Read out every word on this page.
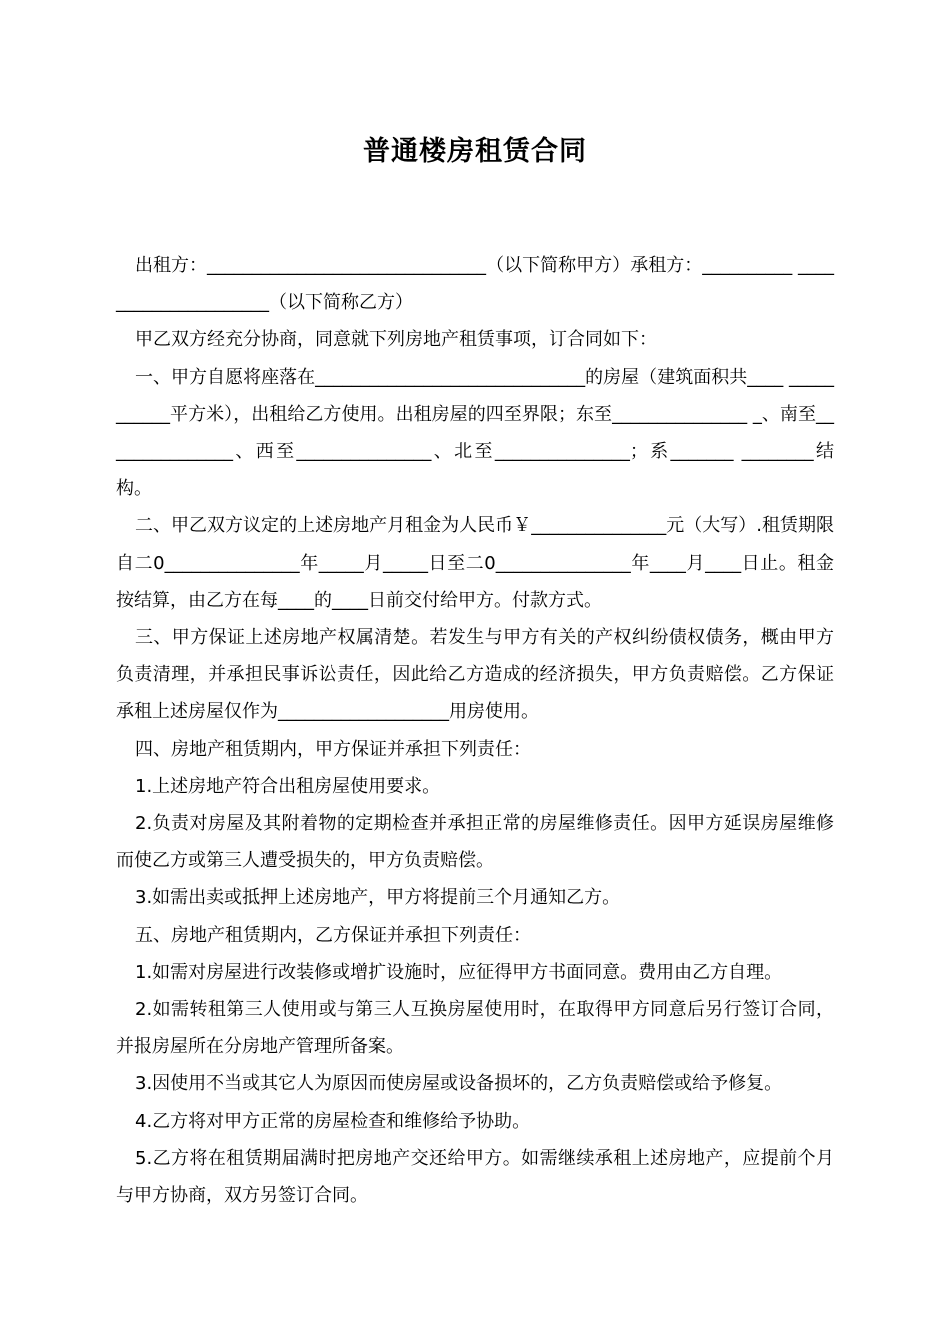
普通楼房租赁合同

出租方：_______________________________（以下简称甲方）承租方：__________ _____________________（以下简称乙方）

甲乙双方经充分协商，同意就下列房地产租赁事项，订合同如下：

一、甲方自愿将座落在______________________________的房屋（建筑面积共____ ___________平方米），出租给乙方使用。出租房屋的四至界限；东至_______________ _、南至_______________、西至_______________、北至_______________；系_______ ________结构。

二、甲乙双方议定的上述房地产月租金为人民币￥_______________元（大写）.租赁期限自二0_______________年_____月_____日至二0_______________年____月____日止。租金按结算，由乙方在每____的____日前交付给甲方。付款方式。

三、甲方保证上述房地产权属清楚。若发生与甲方有关的产权纠纷债权债务，概由甲方负责清理，并承担民事诉讼责任，因此给乙方造成的经济损失，甲方负责赔偿。乙方保证承租上述房屋仅作为___________________用房使用。

四、房地产租赁期内，甲方保证并承担下列责任：

1.上述房地产符合出租房屋使用要求。

2.负责对房屋及其附着物的定期检查并承担正常的房屋维修责任。因甲方延误房屋维修而使乙方或第三人遭受损失的，甲方负责赔偿。

3.如需出卖或抵押上述房地产，甲方将提前三个月通知乙方。

五、房地产租赁期内，乙方保证并承担下列责任：

1.如需对房屋进行改装修或增扩设施时，应征得甲方书面同意。费用由乙方自理。

2.如需转租第三人使用或与第三人互换房屋使用时，在取得甲方同意后另行签订合同，并报房屋所在分房地产管理所备案。

3.因使用不当或其它人为原因而使房屋或设备损坏的，乙方负责赔偿或给予修复。

4.乙方将对甲方正常的房屋检查和维修给予协助。

5.乙方将在租赁期届满时把房地产交还给甲方。如需继续承租上述房地产，应提前个月与甲方协商，双方另签订合同。
